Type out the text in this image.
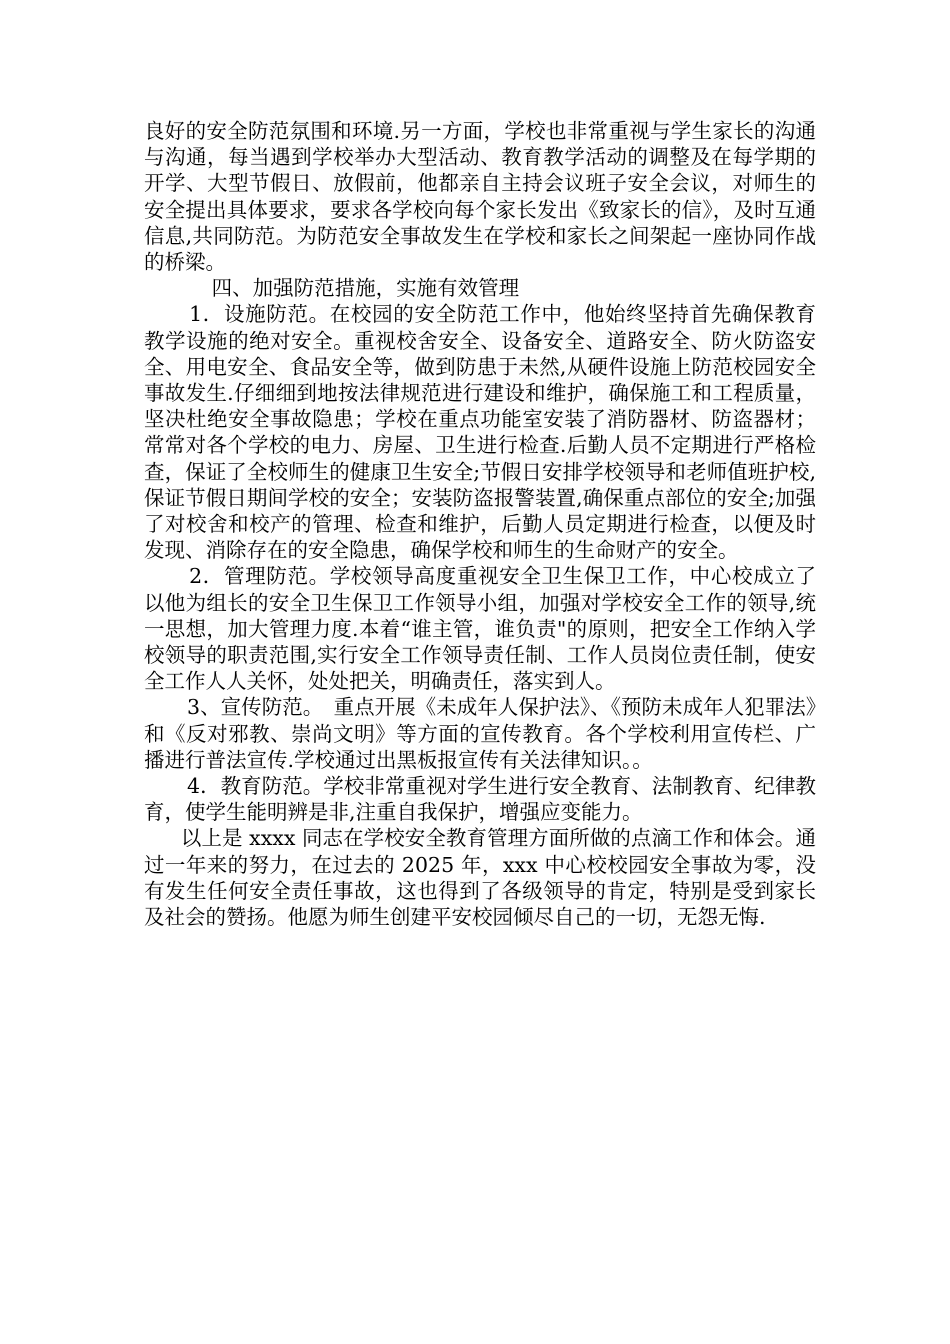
良好的安全防范氛围和环境.另一方面，学校也非常重视与学生家长的沟通与沟通，每当遇到学校举办大型活动、教育教学活动的调整及在每学期的开学、大型节假日、放假前，他都亲自主持会议班子安全会议，对师生的安全提出具体要求，要求各学校向每个家长发出《致家长的信》，及时互通信息,共同防范。为防范安全事故发生在学校和家长之间架起一座协同作战的桥梁。

四、加强防范措施，实施有效管理

1．设施防范。在校园的安全防范工作中，他始终坚持首先确保教育教学设施的绝对安全。重视校舍安全、设备安全、道路安全、防火防盗安全、用电安全、食品安全等，做到防患于未然,从硬件设施上防范校园安全事故发生.仔细细到地按法律规范进行建设和维护，确保施工和工程质量，坚决杜绝安全事故隐患；学校在重点功能室安装了消防器材、防盗器材；常常对各个学校的电力、房屋、卫生进行检查.后勤人员不定期进行严格检查，保证了全校师生的健康卫生安全;节假日安排学校领导和老师值班护校,保证节假日期间学校的安全；安装防盗报警装置,确保重点部位的安全;加强了对校舍和校产的管理、检查和维护，后勤人员定期进行检查，以便及时发现、消除存在的安全隐患，确保学校和师生的生命财产的安全。

2．管理防范。学校领导高度重视安全卫生保卫工作，中心校成立了以他为组长的安全卫生保卫工作领导小组，加强对学校安全工作的领导,统一思想，加大管理力度.本着“谁主管，谁负责"的原则，把安全工作纳入学校领导的职责范围,实行安全工作领导责任制、工作人员岗位责任制，使安全工作人人关怀，处处把关，明确责任，落实到人。

3、宣传防范。　重点开展《未成年人保护法》、《预防未成年人犯罪法》和《反对邪教、崇尚文明》等方面的宣传教育。各个学校利用宣传栏、广播进行普法宣传.学校通过出黑板报宣传有关法律知识。。

4．教育防范。学校非常重视对学生进行安全教育、法制教育、纪律教育，使学生能明辨是非,注重自我保护，增强应变能力。

以上是 xxxx 同志在学校安全教育管理方面所做的点滴工作和体会。通过一年来的努力，在过去的 2025 年，xxx 中心校校园安全事故为零，没有发生任何安全责任事故，这也得到了各级领导的肯定，特别是受到家长及社会的赞扬。他愿为师生创建平安校园倾尽自己的一切，无怨无悔.
